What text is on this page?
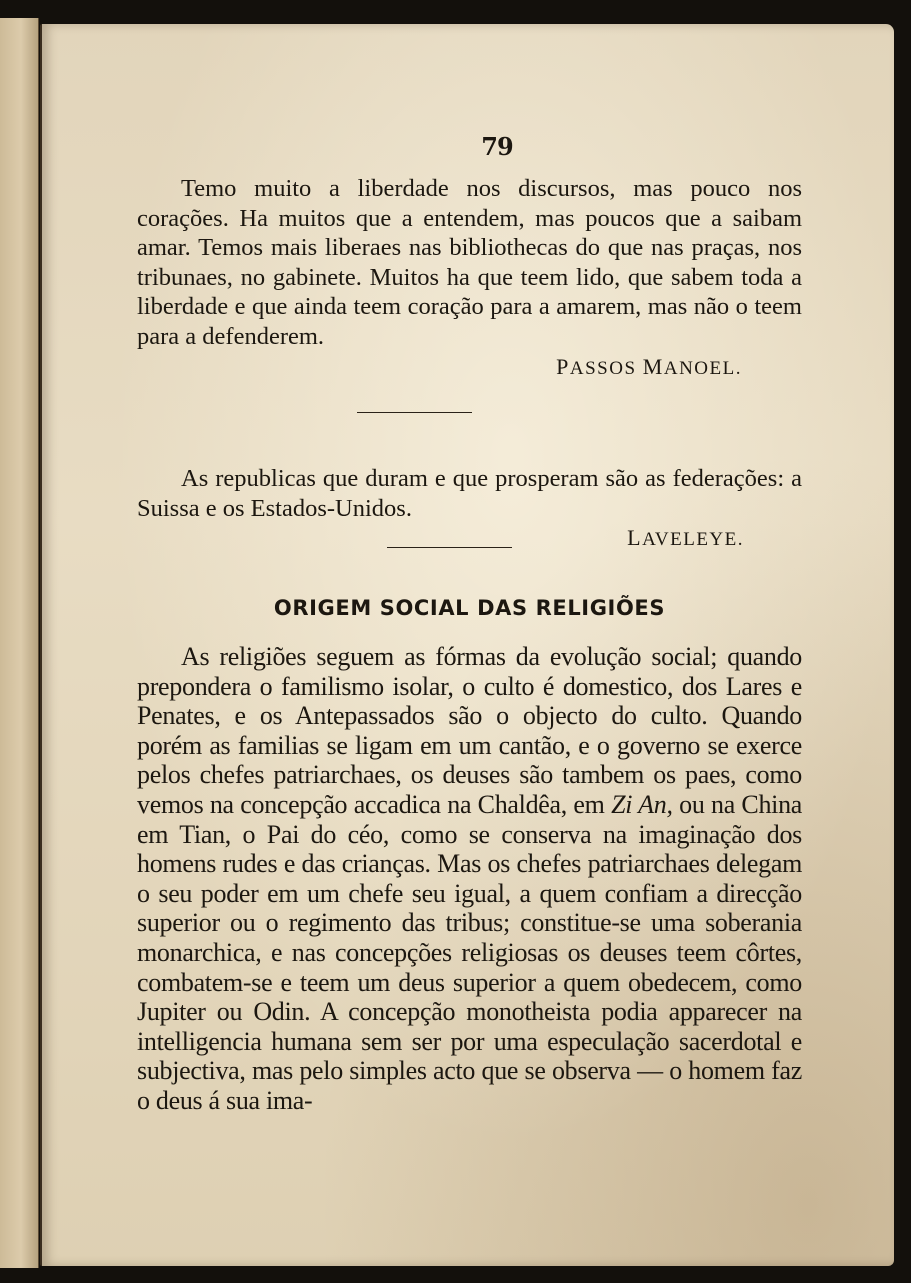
79

Temo muito a liberdade nos discursos, mas pouco nos corações. Ha muitos que a entendem, mas poucos que a saibam amar. Temos mais liberaes nas bibliothecas do que nas praças, nos tribunaes, no gabinete. Muitos ha que teem lido, que sabem toda a liberdade e que ainda teem coração para a amarem, mas não o teem para a defenderem.

PASSOS MANOEL.

As republicas que duram e que prosperam são as federações: a Suissa e os Estados-Unidos.

LAVELEYE.

ORIGEM SOCIAL DAS RELIGIÕES

As religiões seguem as fórmas da evolução social; quando prepondera o familismo isolar, o culto é domestico, dos Lares e Penates, e os Antepassados são o objecto do culto. Quando porém as familias se ligam em um cantão, e o governo se exerce pelos chefes patriarchaes, os deuses são tambem os paes, como vemos na concepção accadica na Chaldêa, em Zi An, ou na China em Tian, o Pai do céo, como se conserva na imaginação dos homens rudes e das crianças. Mas os chefes patriarchaes delegam o seu poder em um chefe seu igual, a quem confiam a direcção superior ou o regimento das tribus; constitue-se uma soberania monarchica, e nas concepções religiosas os deuses teem côrtes, combatem-se e teem um deus superior a quem obedecem, como Jupiter ou Odin. A concepção monotheista podia apparecer na intelligencia humana sem ser por uma especulação sacerdotal e subjectiva, mas pelo simples acto que se observa — o homem faz o deus á sua ima-
